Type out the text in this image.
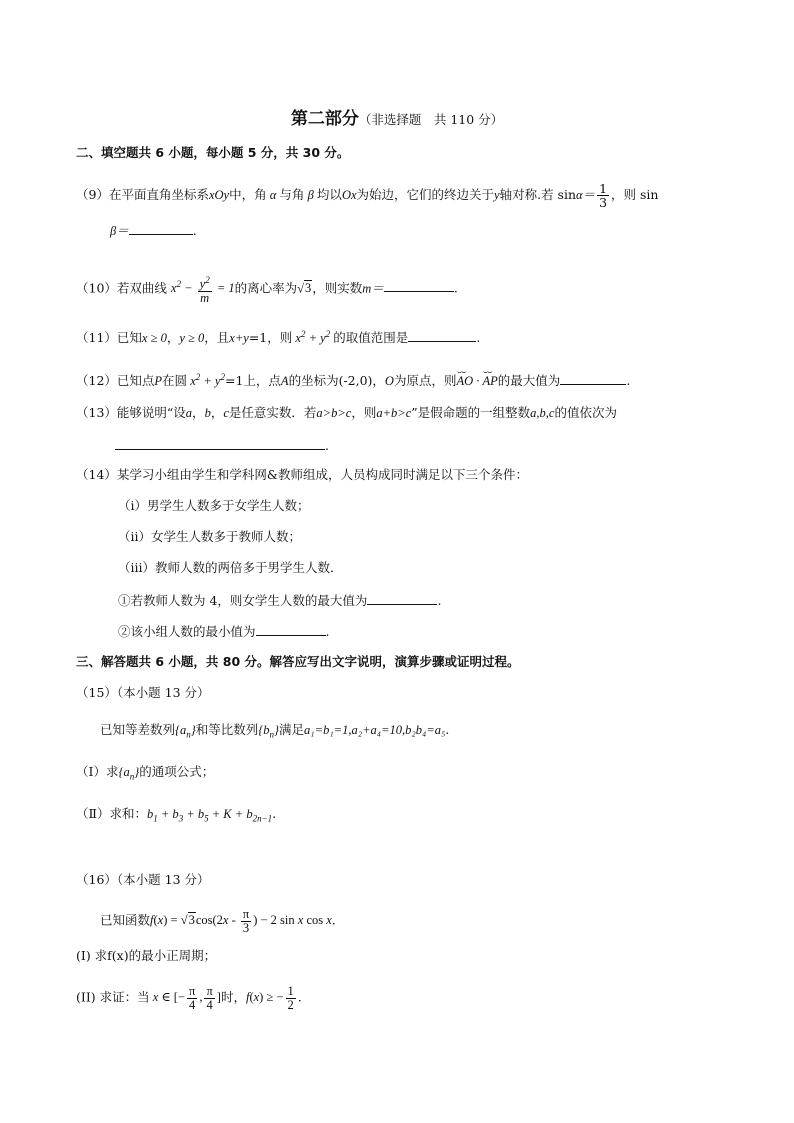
第二部分（非选择题　共 110 分）
二、填空题共 6 小题，每小题 5 分，共 30 分。
（9）在平面直角坐标系xOy中，角 α 与角 β 均以Ox为始边，它们的终边关于y轴对称.若 $\sin\alpha= \frac{1}{3}$ ，则 sin
β＝	.
（10）若双曲线 $x^2 - \frac{y^2}{m} = 1$的离心率为√3，则实数m＝	.
（11）已知x ≥ 0，y ≥ 0，且x+y=1，则 $x^2 + y^2$ 的取值范围是	.
（12）已知点P在圆 $x^2 + y^2=1$上，点A的坐标为(-2,0)，O为原点，则⌣⌣ AO · ⌣⌣ AP的最大值为	.
（13）能够说明“设a，b，c是任意实数．若a>b>c，则a+b>c”是假命题的一组整数a,b,c的值依次为
.
（14）某学习小组由学生和学科网&教师组成，人员构成同时满足以下三个条件：
（ⅰ）男学生人数多于女学生人数；
（ⅱ）女学生人数多于教师人数；
（ⅲ）教师人数的两倍多于男学生人数．
①若教师人数为 4，则女学生人数的最大值为	.
②该小组人数的最小值为	.
三、解答题共 6 小题，共 80 分。解答应写出文字说明，演算步骤或证明过程。
（15）（本小题 13 分）
已知等差数列$\{a_n\}$和等比数列$\{b_n\}$满足a₁=b₁=1,a₂+a₄=10,b₂b₄=a₅.
（Ⅰ）求$\{a_n\}$的通项公式；
（Ⅱ）求和：$b_1 + b_3 + b_5 + K + b_{2n-1}$.
（16）（本小题 13 分）
已知函数$f(x) = √3\cos(2x - \frac{\pi}{3}$ ) − 2 sin x cos x.
(I) 求f(x)的最小正周期；
(II) 求证：当 x ∈ [− $\frac{\pi}{4}$ , $\frac{\pi}{4}$ ]时，f(x) ≥ − $\frac{1}{2}$ .
